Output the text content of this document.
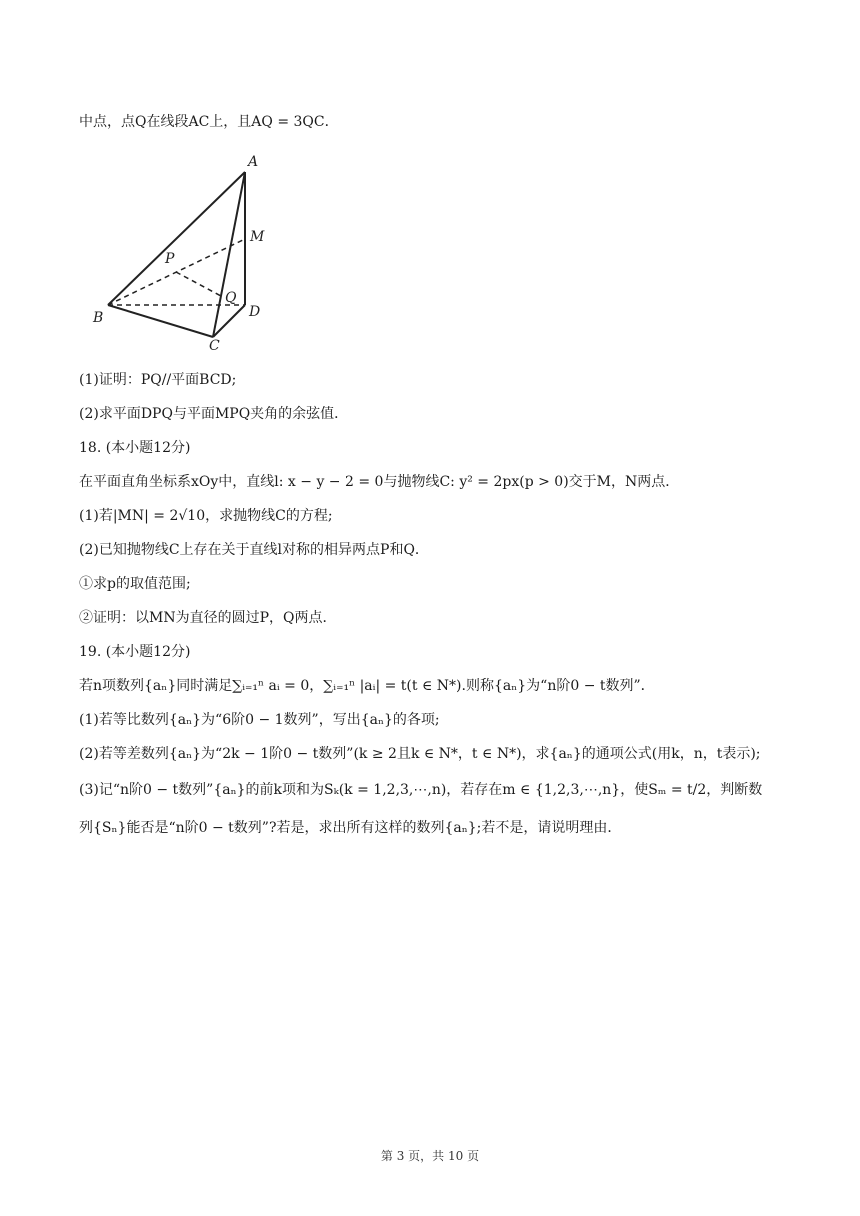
中点，点Q在线段AC上，且AQ = 3QC．
A
M
P
Q
B	D
C
(1)证明：PQ//平面BCD;
(2)求平面DPQ与平面MPQ夹角的余弦值．
18. (本小题12分)
在平面直角坐标系xOy中，直线l: x − y − 2 = 0与抛物线C: y² = 2px(p > 0)交于M，N两点．
(1)若|MN| = 2√10，求抛物线C的方程;
(2)已知抛物线C上存在关于直线l对称的相异两点P和Q．
①求p的取值范围;
②证明：以MN为直径的圆过P，Q两点．
19. (本小题12分)
若n项数列{aₙ}同时满足∑ᵢ₌₁ⁿ aᵢ = 0，∑ᵢ₌₁ⁿ |aᵢ| = t(t ∈ N*).则称{aₙ}为“n阶0 − t数列”．
(1)若等比数列{aₙ}为“6阶0 − 1数列”，写出{aₙ}的各项;
(2)若等差数列{aₙ}为“2k − 1阶0 − t数列”(k ≥ 2且k ∈ N*，t ∈ N*)，求{aₙ}的通项公式(用k，n，t表示);
(3)记“n阶0 − t数列”{aₙ}的前k项和为Sₖ(k = 1,2,3,⋯,n)，若存在m ∈ {1,2,3,⋯,n}，使Sₘ = t/2，判断数
列{Sₙ}能否是“n阶0 − t数列”?若是，求出所有这样的数列{aₙ};若不是，请说明理由．
第 3 页，共 10 页
